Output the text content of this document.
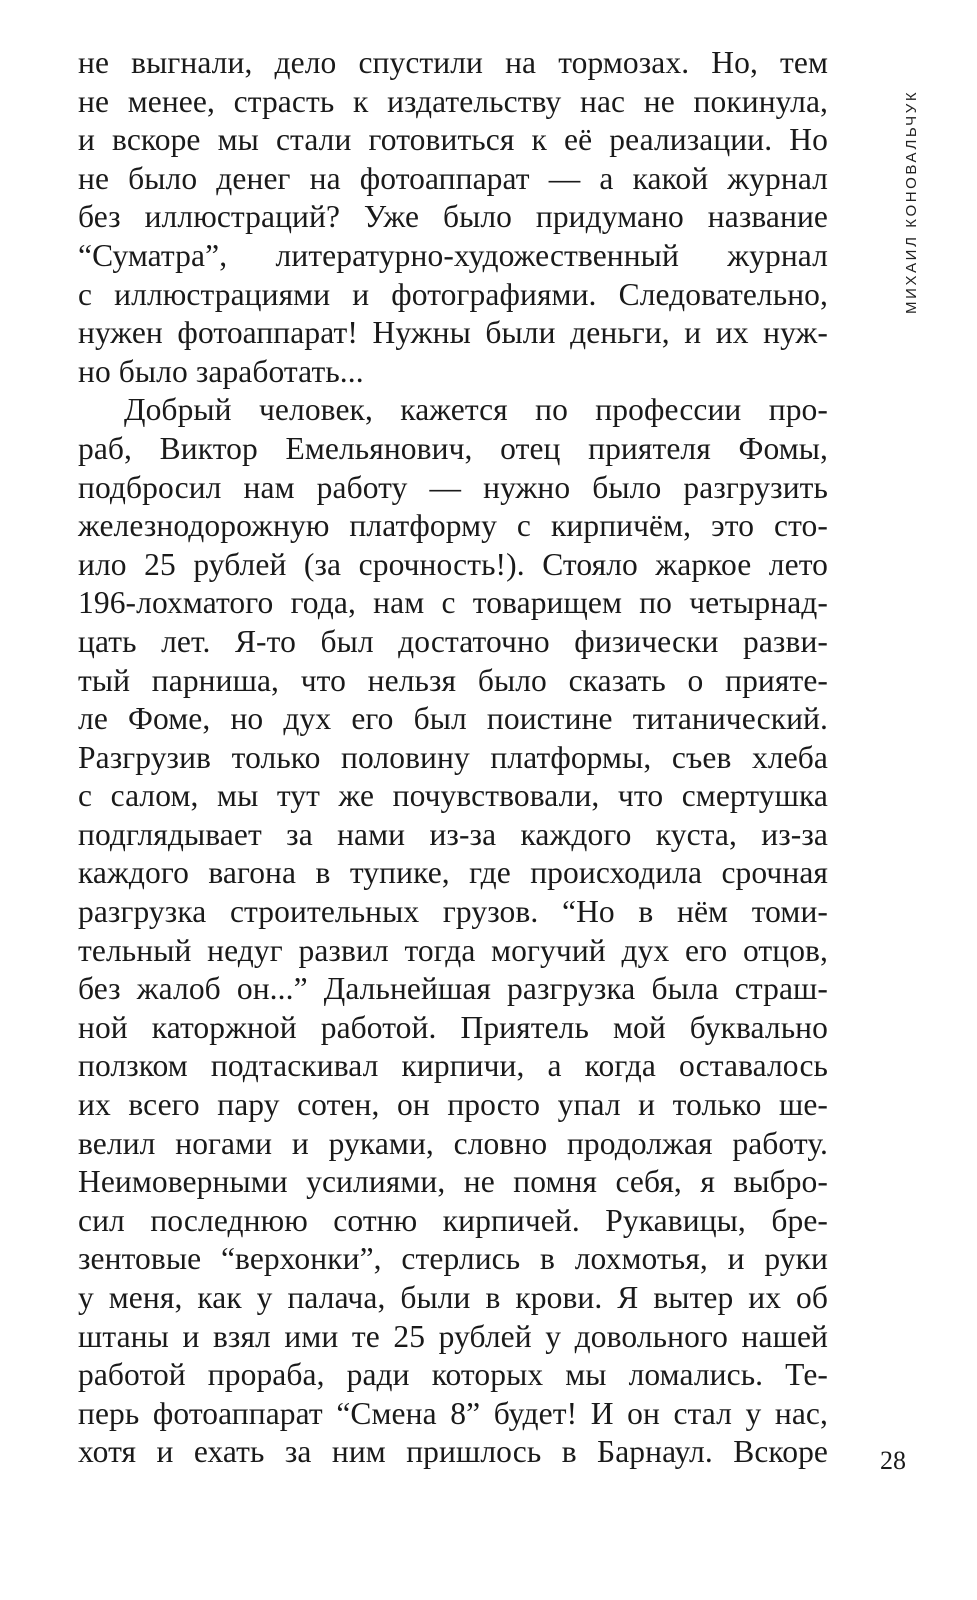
не выгнали, дело спустили на тормозах. Но, тем
не менее, страсть к издательству нас не покинула,
и вскоре мы стали готовиться к её реализации. Но
не было денег на фотоаппарат — а какой журнал
без иллюстраций? Уже было придумано название
“Суматра”, литературно-художественный журнал
с иллюстрациями и фотографиями. Следовательно,
нужен фотоаппарат! Нужны были деньги, и их нуж-
но было заработать...
Добрый человек, кажется по профессии про-
раб, Виктор Емельянович, отец приятеля Фомы,
подбросил нам работу — нужно было разгрузить
железнодорожную платформу с кирпичём, это сто-
ило 25 рублей (за срочность!). Стояло жаркое лето
196-лохматого года, нам с товарищем по четырнад-
цать лет. Я-то был достаточно физически разви-
тый парниша, что нельзя было сказать о прияте-
ле Фоме, но дух его был поистине титанический.
Разгрузив только половину платформы, съев хлеба
с салом, мы тут же почувствовали, что смертушка
подглядывает за нами из-за каждого куста, из-за
каждого вагона в тупике, где происходила срочная
разгрузка строительных грузов. “Но в нём томи-
тельный недуг развил тогда могучий дух его отцов,
без жалоб он...” Дальнейшая разгрузка была страш-
ной каторжной работой. Приятель мой буквально
ползком подтаскивал кирпичи, а когда оставалось
их всего пару сотен, он просто упал и только ше-
велил ногами и руками, словно продолжая работу.
Неимоверными усилиями, не помня себя, я выбро-
сил последнюю сотню кирпичей. Рукавицы, бре-
зентовые “верхонки”, стерлись в лохмотья, и руки
у меня, как у палача, были в крови. Я вытер их об
штаны и взял ими те 25 рублей у довольного нашей
работой прораба, ради которых мы ломались. Те-
перь фотоаппарат “Смена 8” будет! И он стал у нас,
хотя и ехать за ним пришлось в Барнаул. Вскоре
МИХАИЛ КОНОВАЛЬЧУК
28
